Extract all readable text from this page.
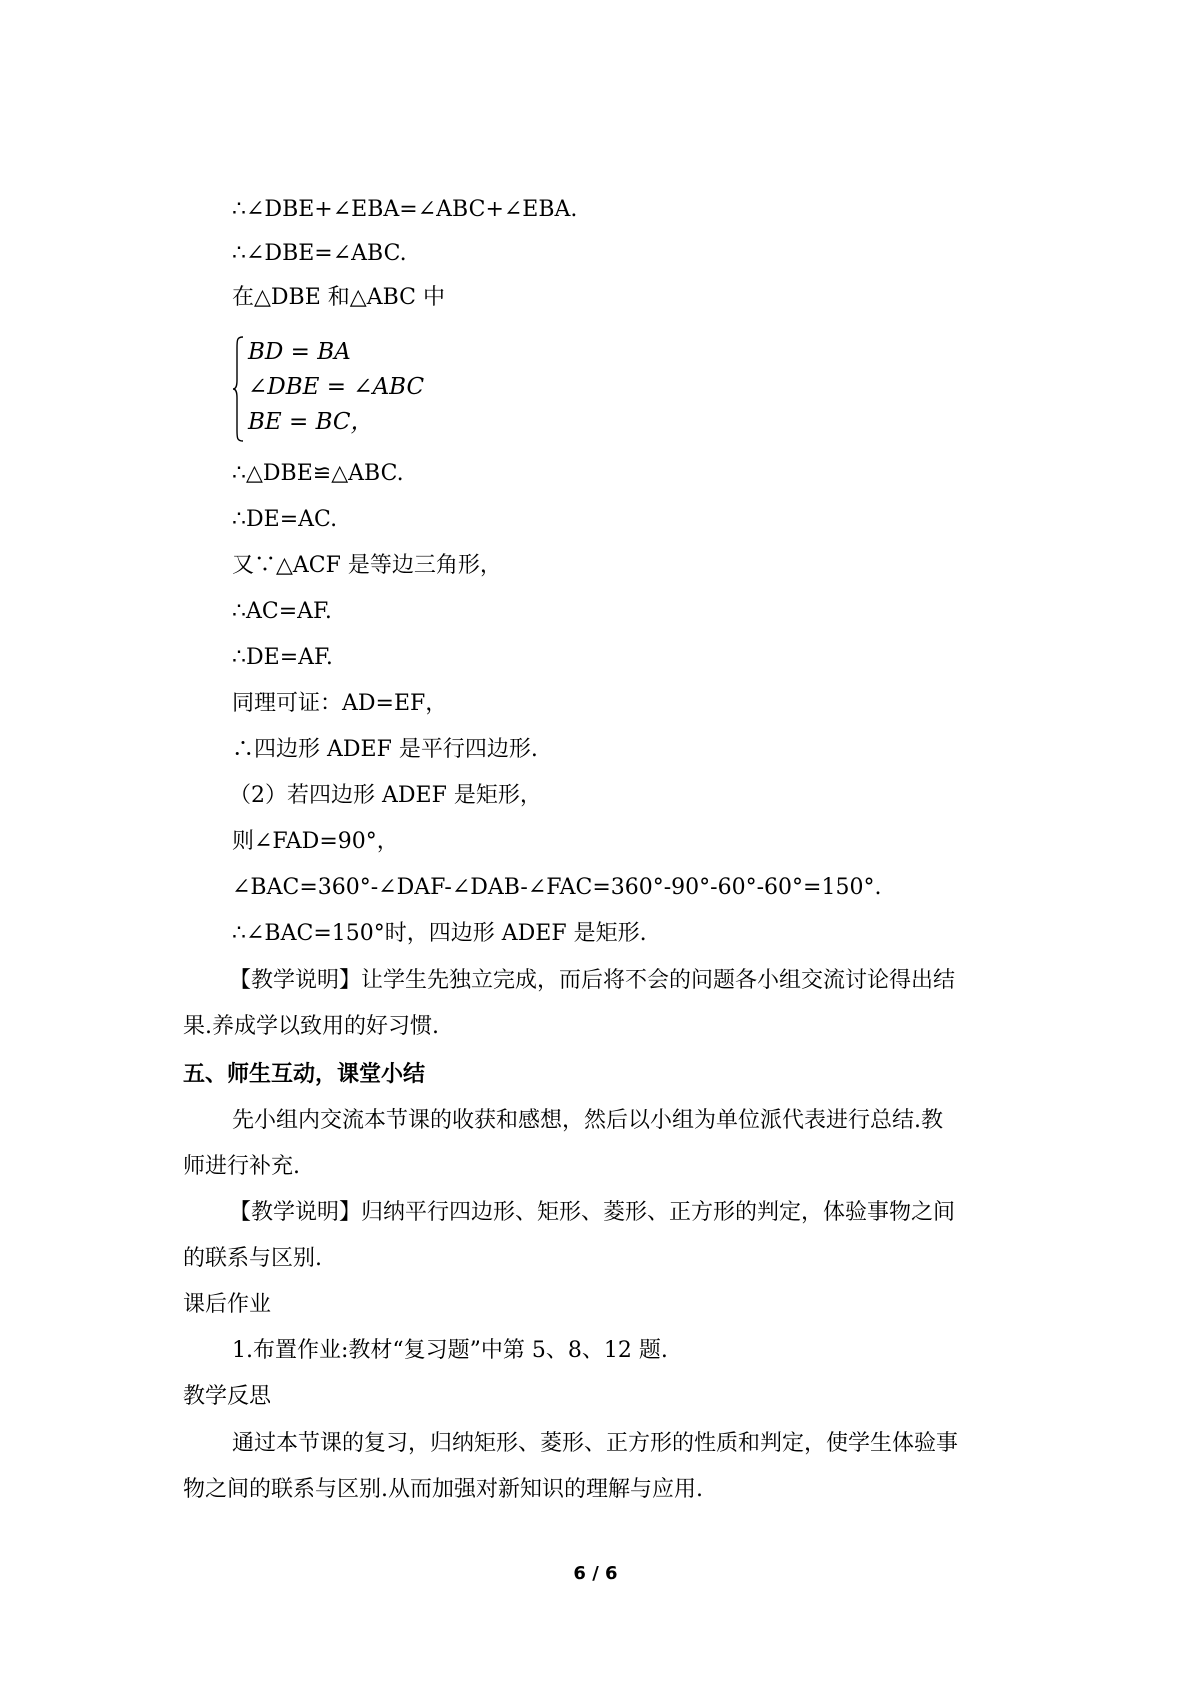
∴∠DBE+∠EBA=∠ABC+∠EBA.
∴∠DBE=∠ABC.
在△DBE 和△ABC 中
BD = BA
∠DBE = ∠ABC
BE = BC，
∴△DBE≌△ABC.
∴DE=AC.
又∵△ACF 是等边三角形，
∴AC=AF.
∴DE=AF.
同理可证：AD=EF，
∴四边形 ADEF 是平行四边形.
（2）若四边形 ADEF 是矩形，
则∠FAD=90°，
∠BAC=360°-∠DAF-∠DAB-∠FAC=360°-90°-60°-60°=150°.
∴∠BAC=150°时，四边形 ADEF 是矩形.
【教学说明】让学生先独立完成，而后将不会的问题各小组交流讨论得出结
果.养成学以致用的好习惯.
五、师生互动，课堂小结
先小组内交流本节课的收获和感想，然后以小组为单位派代表进行总结.教
师进行补充.
【教学说明】归纳平行四边形、矩形、菱形、正方形的判定，体验事物之间
的联系与区别.
课后作业
1.布置作业:教材“复习题”中第 5、8、12 题.
教学反思
通过本节课的复习，归纳矩形、菱形、正方形的性质和判定，使学生体验事
物之间的联系与区别.从而加强对新知识的理解与应用.
6 / 6
